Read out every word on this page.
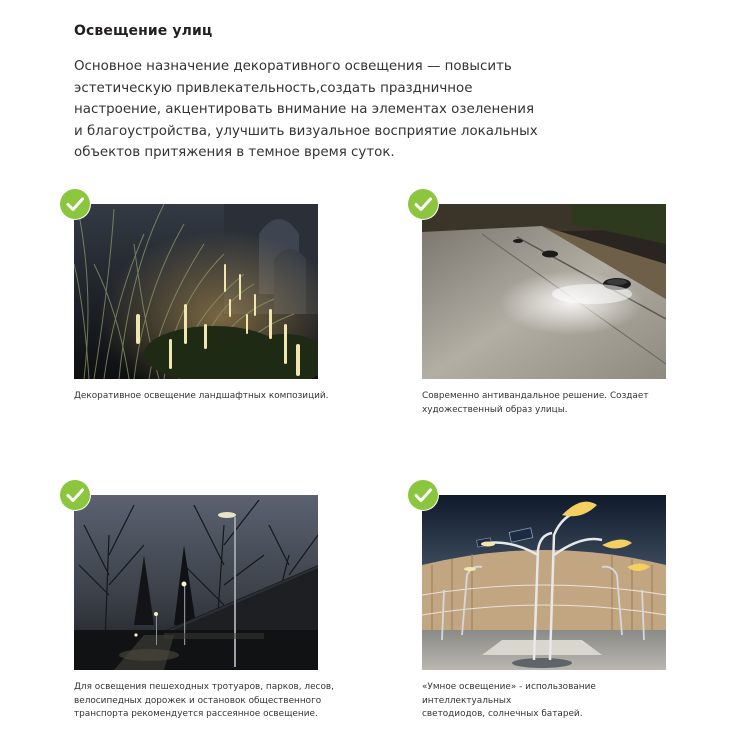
Освещение улиц
Основное назначение декоративного освещения — повысить
эстетическую привлекательность,создать праздничное
настроение, акцентировать внимание на элементах озеленения
и благоустройства, улучшить визуальное восприятие локальных
объектов притяжения в темное время суток.
Декоративное освещение ландшафтных композиций.	Современно антивандальное решение. Создает
художественный образ улицы.
Для освещения пешеходных тротуаров, парков, лесов,
велосипедных дорожек и остановок общественного
транспорта рекомендуется рассеянное освещение.
«Умное освещение» - использование интеллектуальных
светодиодов, солнечных батарей.
